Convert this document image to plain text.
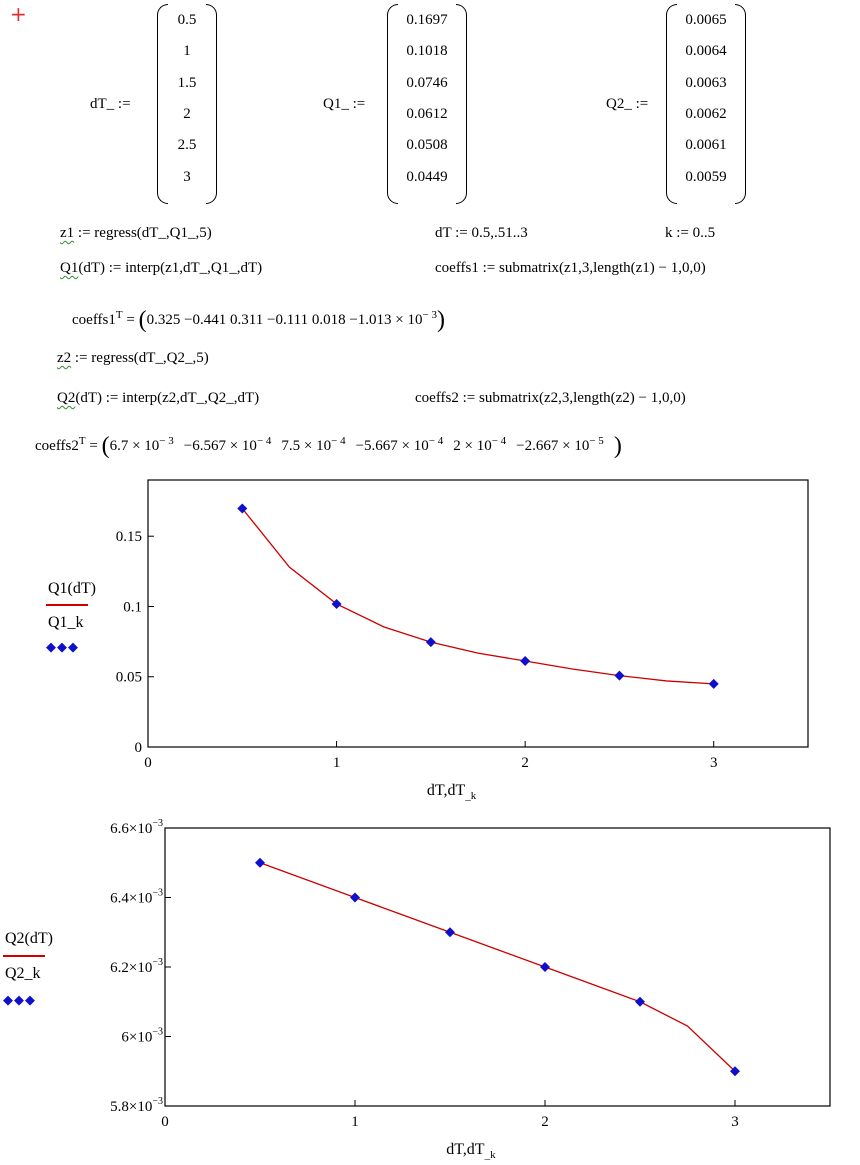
+
dT_ :=
0.5
1
1.5
2
2.5
3
Q1_ :=
0.1697
0.1018
0.0746
0.0612
0.0508
0.0449
Q2_ :=
0.0065
0.0064
0.0063
0.0062
0.0061
0.0059
z1 := regress(dT_,Q1_,5)	dT := 0.5,.51..3	k := 0..5
Q1(dT) := interp(z1,dT_,Q1_,dT)	coeffs1 := submatrix(z1,3,length(z1) − 1,0,0)
$coeffs1^T = (0.325 -0.441$ 0.311 −0.111 $0.018 -1.013 \times 10^{- 3}$)
z2 := regress(dT_,Q2_,5)
Q2(dT) := interp(z2,dT_,Q2_,dT)	coeffs2 := submatrix(z2,3,length(z2) − 1,0,0)
$coeffs2^T = (6.7 \times 10^{- 3} -6.567 \times 10^{- 4}$ $7.5 \times 10^{- 4} -5.667 \times 10^{- 4}$ $2 \times 10^{- 4} -2.667 \times 10^{- 5}$ )
Q1(dT)
Q1_k
◆◆◆
Q2(dT)
Q2_k
◆◆◆
0	1	2	3
0
0.05
0.1
0.15
$dT,dT_{\_k}$
0	1	2	3
$5.8\times 10^{-3}$
$6\times 10^{-3}$
$6.2\times 10^{-3}$
$6.4\times 10^{-3}$
$6.6\times 10^{-3}$
$dT,dT_{\_k}$
